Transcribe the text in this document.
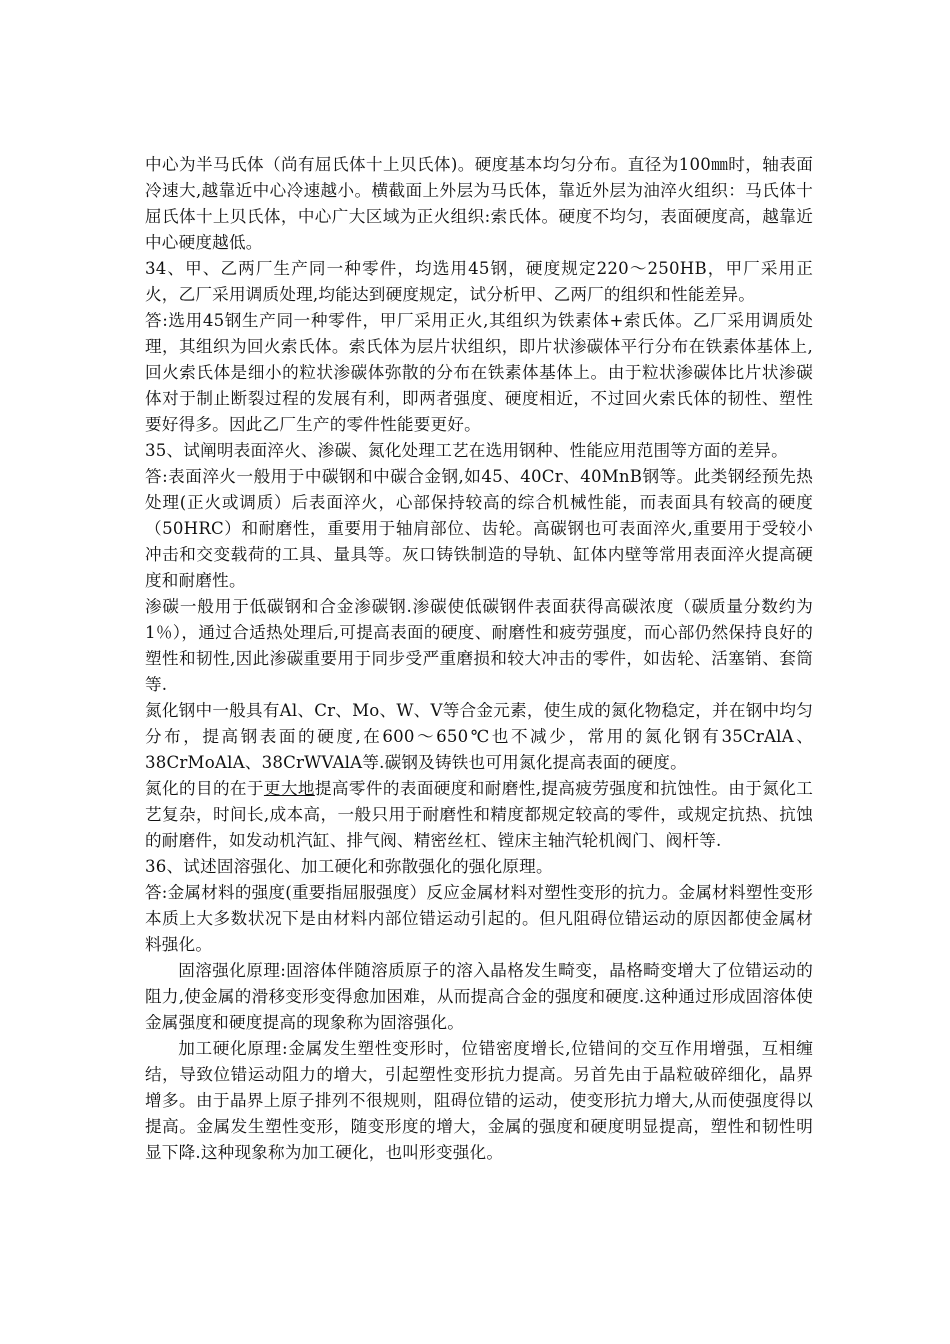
中心为半马氏体（尚有屈氏体十上贝氏体)。硬度基本均匀分布。直径为100㎜时，轴表面冷速大,越靠近中心冷速越小。横截面上外层为马氏体，靠近外层为油淬火组织：马氏体十屈氏体十上贝氏体，中心广大区域为正火组织:索氏体。硬度不均匀，表面硬度高，越靠近中心硬度越低。

34、甲、乙两厂生产同一种零件，均选用45钢，硬度规定220～250HB，甲厂采用正火，乙厂采用调质处理,均能达到硬度规定，试分析甲、乙两厂的组织和性能差异。

答:选用45钢生产同一种零件，甲厂采用正火,其组织为铁素体+索氏体。乙厂采用调质处理，其组织为回火索氏体。索氏体为层片状组织，即片状渗碳体平行分布在铁素体基体上,回火索氏体是细小的粒状渗碳体弥散的分布在铁素体基体上。由于粒状渗碳体比片状渗碳体对于制止断裂过程的发展有利，即两者强度、硬度相近，不过回火索氏体的韧性、塑性要好得多。因此乙厂生产的零件性能要更好。

35、试阐明表面淬火、渗碳、氮化处理工艺在选用钢种、性能应用范围等方面的差异。

答:表面淬火一般用于中碳钢和中碳合金钢,如45、40Cr、40MnB钢等。此类钢经预先热处理(正火或调质）后表面淬火，心部保持较高的综合机械性能，而表面具有较高的硬度（50HRC）和耐磨性，重要用于轴肩部位、齿轮。高碳钢也可表面淬火,重要用于受较小冲击和交变载荷的工具、量具等。灰口铸铁制造的导轨、缸体内壁等常用表面淬火提高硬度和耐磨性。

渗碳一般用于低碳钢和合金渗碳钢.渗碳使低碳钢件表面获得高碳浓度（碳质量分数约为1％），通过合适热处理后,可提高表面的硬度、耐磨性和疲劳强度，而心部仍然保持良好的塑性和韧性,因此渗碳重要用于同步受严重磨损和较大冲击的零件，如齿轮、活塞销、套筒等.

氮化钢中一般具有Al、Cr、Mo、W、V等合金元素，使生成的氮化物稳定，并在钢中均匀分布，提高钢表面的硬度,在600～650℃也不减少，常用的氮化钢有35CrAlA、38CrMoAlA、38CrWVAlA等.碳钢及铸铁也可用氮化提高表面的硬度。

氮化的目的在于更大地提高零件的表面硬度和耐磨性,提高疲劳强度和抗蚀性。由于氮化工艺复杂，时间长,成本高，一般只用于耐磨性和精度都规定较高的零件，或规定抗热、抗蚀的耐磨件，如发动机汽缸、排气阀、精密丝杠、镗床主轴汽轮机阀门、阀杆等.

36、试述固溶强化、加工硬化和弥散强化的强化原理。

答:金属材料的强度(重要指屈服强度）反应金属材料对塑性变形的抗力。金属材料塑性变形本质上大多数状况下是由材料内部位错运动引起的。但凡阻碍位错运动的原因都使金属材料强化。

固溶强化原理:固溶体伴随溶质原子的溶入晶格发生畸变，晶格畸变增大了位错运动的阻力,使金属的滑移变形变得愈加困难，从而提高合金的强度和硬度.这种通过形成固溶体使金属强度和硬度提高的现象称为固溶强化。

加工硬化原理:金属发生塑性变形时，位错密度增长,位错间的交互作用增强，互相缠结，导致位错运动阻力的增大，引起塑性变形抗力提高。另首先由于晶粒破碎细化，晶界增多。由于晶界上原子排列不很规则，阻碍位错的运动，使变形抗力增大,从而使强度得以提高。金属发生塑性变形，随变形度的增大，金属的强度和硬度明显提高，塑性和韧性明显下降.这种现象称为加工硬化，也叫形变强化。
